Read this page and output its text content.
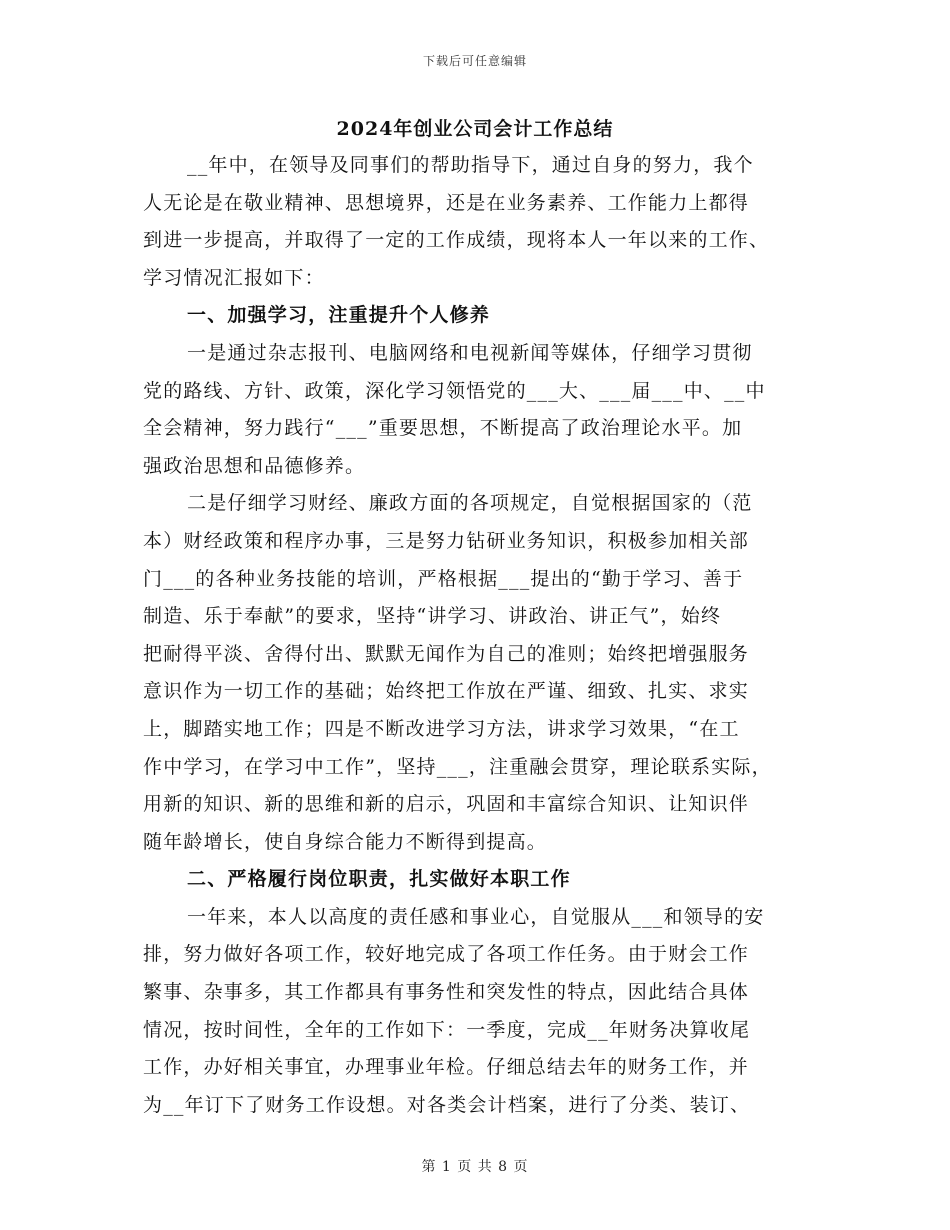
下载后可任意编辑
2024年创业公司会计工作总结
__年中，在领导及同事们的帮助指导下，通过自身的努力，我个
人无论是在敬业精神、思想境界，还是在业务素养、工作能力上都得
到进一步提高，并取得了一定的工作成绩，现将本人一年以来的工作、
学习情况汇报如下：
一、加强学习，注重提升个人修养
一是通过杂志报刊、电脑网络和电视新闻等媒体，仔细学习贯彻
党的路线、方针、政策，深化学习领悟党的___大、___届___中、__中
全会精神，努力践行“___”重要思想，不断提高了政治理论水平。加
强政治思想和品德修养。
二是仔细学习财经、廉政方面的各项规定，自觉根据国家的（范
本）财经政策和程序办事，三是努力钻研业务知识，积极参加相关部
门___的各种业务技能的培训，严格根据___提出的“勤于学习、善于
制造、乐于奉献”的要求，坚持“讲学习、讲政治、讲正气”，始终
把耐得平淡、舍得付出、默默无闻作为自己的准则；始终把增强服务
意识作为一切工作的基础；始终把工作放在严谨、细致、扎实、求实
上，脚踏实地工作；四是不断改进学习方法，讲求学习效果，“在工
作中学习，在学习中工作”，坚持___，注重融会贯穿，理论联系实际，
用新的知识、新的思维和新的启示，巩固和丰富综合知识、让知识伴
随年龄增长，使自身综合能力不断得到提高。
二、严格履行岗位职责，扎实做好本职工作
一年来，本人以高度的责任感和事业心，自觉服从___和领导的安
排，努力做好各项工作，较好地完成了各项工作任务。由于财会工作
繁事、杂事多，其工作都具有事务性和突发性的特点，因此结合具体
情况，按时间性，全年的工作如下：一季度，完成__年财务决算收尾
工作，办好相关事宜，办理事业年检。仔细总结去年的财务工作，并
为__年订下了财务工作设想。对各类会计档案，进行了分类、装订、
第 1 页 共 8 页
